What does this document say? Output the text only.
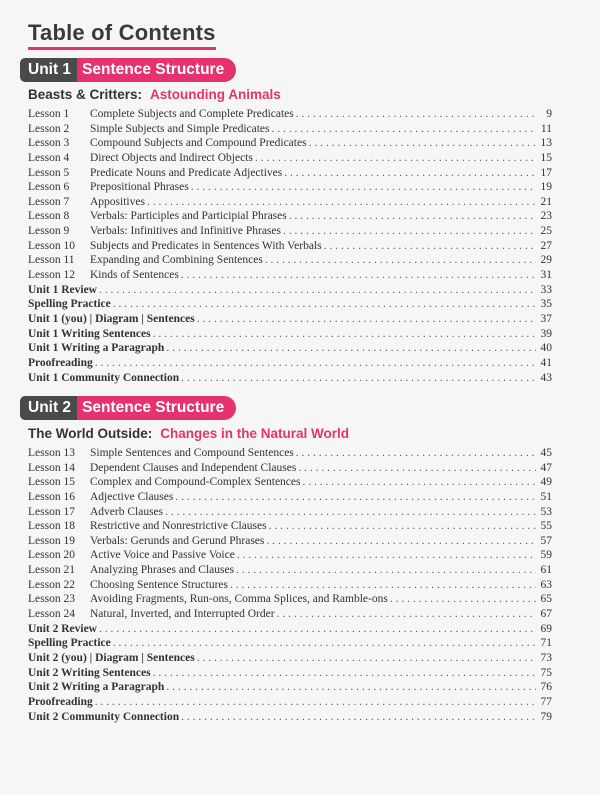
Table of Contents
Unit 1 Sentence Structure
Beasts & Critters: Astounding Animals
Lesson 1	Complete Subjects and Complete Predicates . . .	9
Lesson 2	Simple Subjects and Simple Predicates . . .	11
Lesson 3	Compound Subjects and Compound Predicates . . .	13
Lesson 4	Direct Objects and Indirect Objects . . .	15
Lesson 5	Predicate Nouns and Predicate Adjectives . . .	17
Lesson 6	Prepositional Phrases . . .	19
Lesson 7	Appositives . . .	21
Lesson 8	Verbals: Participles and Participial Phrases . . .	23
Lesson 9	Verbals: Infinitives and Infinitive Phrases . . .	25
Lesson 10	Subjects and Predicates in Sentences With Verbals . . .	27
Lesson 11	Expanding and Combining Sentences . . .	29
Lesson 12	Kinds of Sentences . . .	31
Unit 1 Review . . .	33
Spelling Practice . . .	35
Unit 1 (you) | Diagram | Sentences . . .	37
Unit 1 Writing Sentences . . .	39
Unit 1 Writing a Paragraph . . .	40
Proofreading . . .	41
Unit 1 Community Connection . . .	43
Unit 2 Sentence Structure
The World Outside: Changes in the Natural World
Lesson 13	Simple Sentences and Compound Sentences . . .	45
Lesson 14	Dependent Clauses and Independent Clauses . . .	47
Lesson 15	Complex and Compound-Complex Sentences . . .	49
Lesson 16	Adjective Clauses . . .	51
Lesson 17	Adverb Clauses . . .	53
Lesson 18	Restrictive and Nonrestrictive Clauses . . .	55
Lesson 19	Verbals: Gerunds and Gerund Phrases . . .	57
Lesson 20	Active Voice and Passive Voice . . .	59
Lesson 21	Analyzing Phrases and Clauses . . .	61
Lesson 22	Choosing Sentence Structures . . .	63
Lesson 23	Avoiding Fragments, Run-ons, Comma Splices, and Ramble-ons . . .	65
Lesson 24	Natural, Inverted, and Interrupted Order . . .	67
Unit 2 Review . . .	69
Spelling Practice . . .	71
Unit 2 (you) | Diagram | Sentences . . .	73
Unit 2 Writing Sentences . . .	75
Unit 2 Writing a Paragraph . . .	76
Proofreading . . .	77
Unit 2 Community Connection . . .	79
